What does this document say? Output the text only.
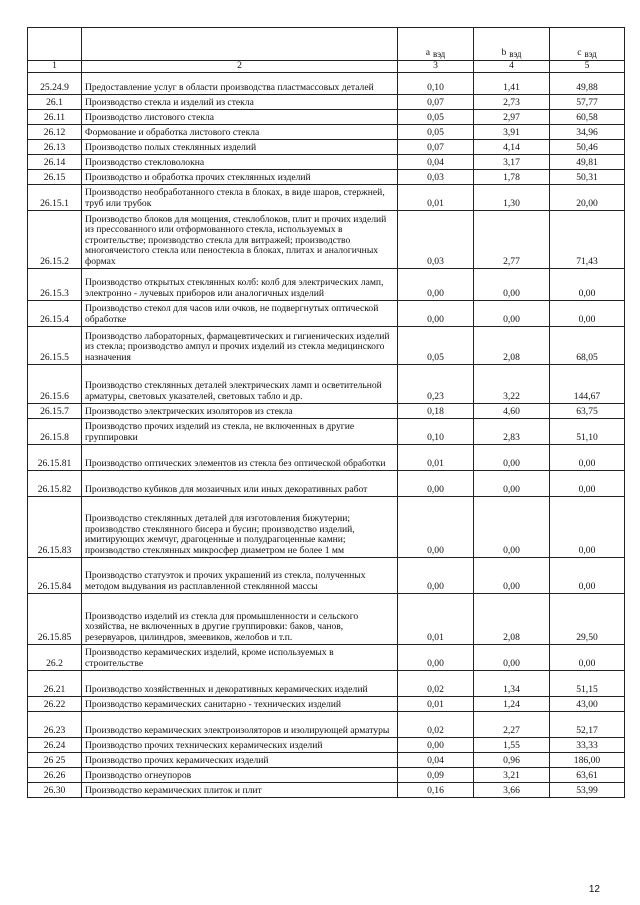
		a $_{вэд}$	b $_{вэд}$	c $_{вэд}$
1	2	3	4	5
25.24.9	Предоставление услуг в области производства пластмассовых деталей	0,10	1,41	49,88
26.1	Производство стекла и изделий из стекла	0,07	2,73	57,77
26.11	Производство листового стекла	0,05	2,97	60,58
26.12	Формование и обработка листового стекла	0,05	3,91	34,96
26.13	Производство полых стеклянных изделий	0,07	4,14	50,46
26.14	Производство стекловолокна	0,04	3,17	49,81
26.15	Производство и обработка прочих стеклянных изделий	0,03	1,78	50,31
26.15.1	Производство необработанного стекла в блоках, в виде шаров, стержней, труб или трубок	0,01	1,30	20,00
26.15.2	Производство блоков для мощения, стеклоблоков, плит и прочих изделий из прессованного или отформованного стекла, используемых в строительстве; производство стекла для витражей; производство многоячеистого стекла или пеностекла в блоках, плитах и аналогичных формах	0,03	2,77	71,43
26.15.3	Производство открытых стеклянных колб: колб для электрических ламп, электронно - лучевых приборов или аналогичных изделий	0,00	0,00	0,00
26.15.4	Производство стекол для часов или очков, не подвергнутых оптической обработке	0,00	0,00	0,00
26.15.5	Производство лабораторных, фармацевтических и гигиенических изделий из стекла; производство ампул и прочих изделий из стекла медицинского назначения	0,05	2,08	68,05
26.15.6	Производство стеклянных деталей электрических ламп и осветительной арматуры, световых указателей, световых табло и др.	0,23	3,22	144,67
26.15.7	Производство электрических изоляторов из стекла	0,18	4,60	63,75
26.15.8	Производство прочих изделий из стекла, не включенных в другие группировки	0,10	2,83	51,10
26.15.81	Производство оптических элементов из стекла без оптической обработки	0,01	0,00	0,00
26.15.82	Производство кубиков для мозаичных или иных декоративных работ	0,00	0,00	0,00
26.15.83	Производство стеклянных деталей для изготовления бижутерии; производство стеклянного бисера и бусин; производство изделий, имитирующих жемчуг, драгоценные и полудрагоценные камни; производство стеклянных микросфер диаметром не более 1 мм	0,00	0,00	0,00
26.15.84	Производство статуэток и прочих украшений из стекла, полученных методом выдувания из расплавленной стеклянной массы	0,00	0,00	0,00
26.15.85	Производство изделий из стекла для промышленности и сельского хозяйства, не включенных в другие группировки: баков, чанов, резервуаров, цилиндров, змеевиков, желобов и т.п.	0,01	2,08	29,50
26.2	Производство керамических изделий, кроме используемых в строительстве	0,00	0,00	0,00
26.21	Производство хозяйственных и декоративных керамических изделий	0,02	1,34	51,15
26.22	Производство керамических санитарно - технических изделий	0,01	1,24	43,00
26.23	Производство керамических электроизоляторов и изолирующей арматуры	0,02	2,27	52,17
26.24	Производство прочих технических керамических изделий	0,00	1,55	33,33
26 25	Производство прочих керамических изделий	0,04	0,96	186,00
26.26	Производство огнеупоров	0,09	3,21	63,61
26.30	Производство керамических плиток и плит	0,16	3,66	53,99
12
